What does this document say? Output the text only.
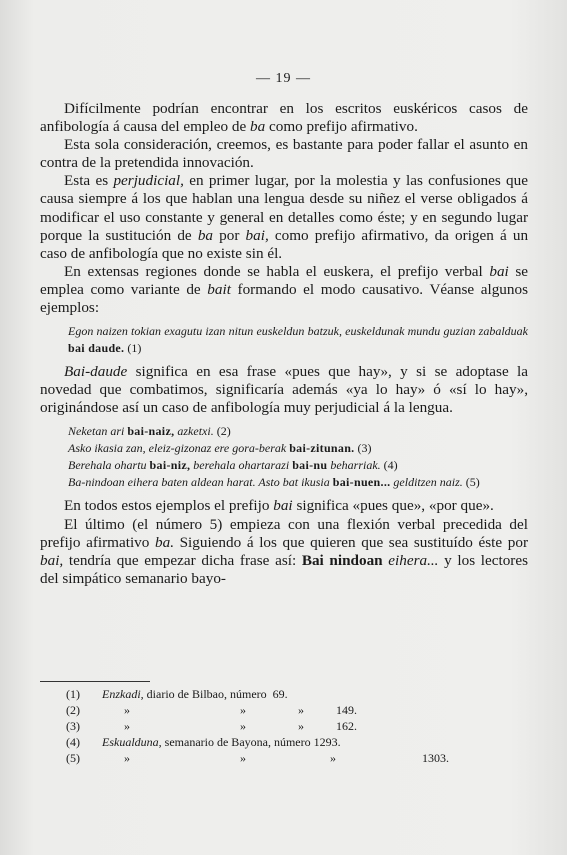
— 19 —

Difícilmente podrían encontrar en los escritos euskéricos casos de anfibología á causa del empleo de ba como prefijo afirmativo.

Esta sola consideración, creemos, es bastante para poder fallar el asunto en contra de la pretendida innovación.

Esta es perjudicial, en primer lugar, por la molestia y las confusiones que causa siempre á los que hablan una lengua desde su niñez el verse obligados á modificar el uso constante y general en detalles como éste; y en segundo lugar porque la sustitución de ba por bai, como prefijo afirmativo, da origen á un caso de anfibología que no existe sin él.

En extensas regiones donde se habla el euskera, el prefijo verbal bai se emplea como variante de bait formando el modo causativo. Véanse algunos ejemplos:

Egon naizen tokian exagutu izan nitun euskeldun batzuk, euskeldunak mundu guzian zabalduak bai daude. (1)

Bai-daude significa en esa frase «pues que hay», y si se adoptase la novedad que combatimos, significaría además «ya lo hay» ó «sí lo hay», originándose así un caso de anfibología muy perjudicial á la lengua.

Neketan ari bai-naiz, azketxi. (2)
Asko ikasia zan, eleiz-gizonaz ere gora-berak bai-zitunan. (3)
Berehala ohartu bai-niz, berehala ohartarazi bai-nu beharriak. (4)
Ba-nindoan eihera baten aldean harat. Asto bat ikusia bai-nuen... gelditzen naiz. (5)

En todos estos ejemplos el prefijo bai significa «pues que», «por que».

El último (el número 5) empieza con una flexión verbal precedida del prefijo afirmativo ba. Siguiendo á los que quieren que sea sustituído éste por bai, tendría que empezar dicha frase así: Bai nindoan eihera... y los lectores del simpático semanario bayo-

(1)	Enzkadi, diario de Bilbao, número 69.
(2)	»	»	»	149.
(3)	»	»	»	162.
(4)	Eskualduna, semanario de Bayona, número 1293.
(5)	»	»	»	1303.
